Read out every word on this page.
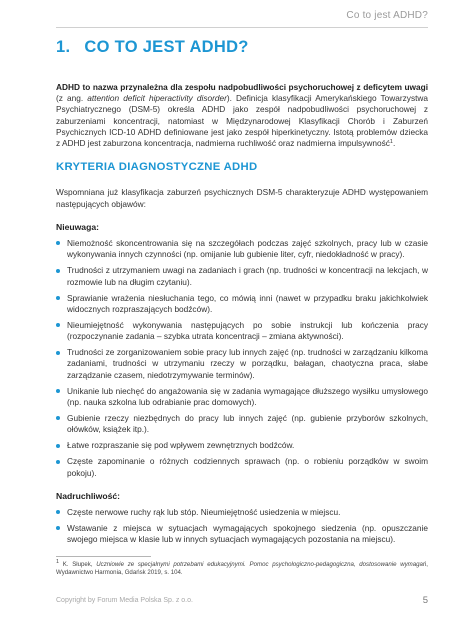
Co to jest ADHD?
1. CO TO JEST ADHD?

ADHD to nazwa przynależna dla zespołu nadpobudliwości psychoruchowej z deficytem uwagi (z ang. attention deficit hiperactivity disorder). Definicja klasyfikacji Amerykańskiego Towarzystwa Psychiatrycznego (DSM-5) określa ADHD jako zespół nadpobudliwości psychoruchowej z zaburzeniami koncentracji, natomiast w Międzynarodowej Klasyfikacji Chorób i Zaburzeń Psychicznych ICD-10 ADHD definiowane jest jako zespół hiperkinetyczny. Istotą problemów dziecka z ADHD jest zaburzona koncentracja, nadmierna ruchliwość oraz nadmierna impulsywność$^1$.

KRYTERIA DIAGNOSTYCZNE ADHD

Wspomniana już klasyfikacja zaburzeń psychicznych DSM-5 charakteryzuje ADHD występowaniem następujących objawów:

Nieuwaga:
Niemożność skoncentrowania się na szczegółach podczas zajęć szkolnych, pracy lub w czasie wykonywania innych czynności (np. omijanie lub gubienie liter, cyfr, niedokładność w pracy).
Trudności z utrzymaniem uwagi na zadaniach i grach (np. trudności w koncentracji na lekcjach, w rozmowie lub na długim czytaniu).
Sprawianie wrażenia niesłuchania tego, co mówią inni (nawet w przypadku braku jakichkolwiek widocznych rozpraszających bodźców).
Nieumiejętność wykonywania następujących po sobie instrukcji lub kończenia pracy (rozpoczynanie zadania – szybka utrata koncentracji – zmiana aktywności).
Trudności ze zorganizowaniem sobie pracy lub innych zajęć (np. trudności w zarządzaniu kilkoma zadaniami, trudności w utrzymaniu rzeczy w porządku, bałagan, chaotyczna praca, słabe zarządzanie czasem, niedotrzymywanie terminów).
Unikanie lub niechęć do angażowania się w zadania wymagające dłuższego wysiłku umysłowego (np. nauka szkolna lub odrabianie prac domowych).
Gubienie rzeczy niezbędnych do pracy lub innych zajęć (np. gubienie przyborów szkolnych, ołówków, książek itp.).
Łatwe rozpraszanie się pod wpływem zewnętrznych bodźców.
Częste zapominanie o różnych codziennych sprawach (np. o robieniu porządków w swoim pokoju).
Nadruchliwość:
Częste nerwowe ruchy rąk lub stóp. Nieumiejętność usiedzenia w miejscu.
Wstawanie z miejsca w sytuacjach wymagających spokojnego siedzenia (np. opuszczanie swojego miejsca w klasie lub w innych sytuacjach wymagających pozostania na miejscu).
$^1$ K. Słupek, Uczniowie ze specjalnymi potrzebami edukacyjnymi. Pomoc psychologiczno-pedagogiczna, dostosowanie wymagań, Wydawnictwo Harmonia, Gdańsk 2019, s. 104.
Copyright by Forum Media Polska Sp. z o.o.	5
